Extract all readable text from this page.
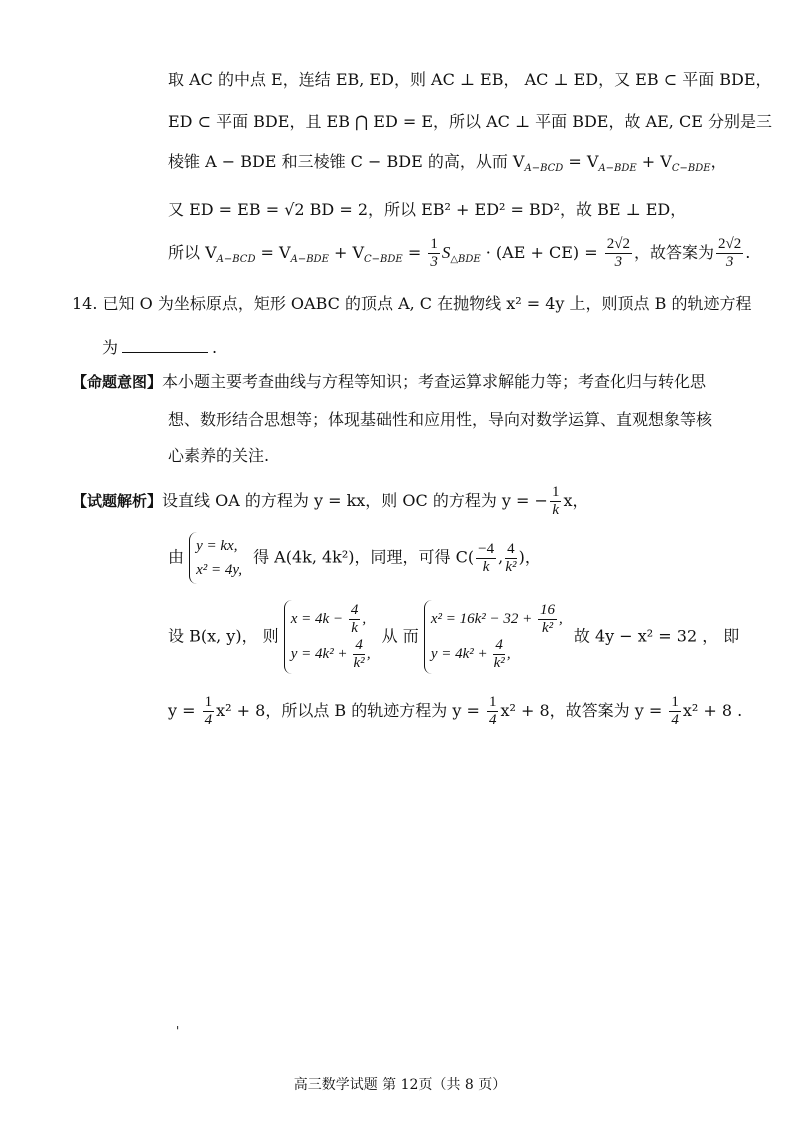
取 AC 的中点 E，连结 EB, ED，则 AC ⊥ EB， AC ⊥ ED，又 EB ⊂ 平面 BDE，
ED ⊂ 平面 BDE，且 EB ⋂ ED = E，所以 AC ⊥ 平面 BDE，故 AE, CE 分别是三
棱锥 A − BDE 和三棱锥 C − BDE 的高，从而 $V_{A-BCD} = V_{A-BDE} + V_{C-BDE}$，
又 ED = EB = √2 BD = 2，所以 EB² + ED² = BD²，故 BE ⊥ ED，
所以 $V_{A-BCD} = V_{A-BDE} + V_{C-BDE} = \frac{1}{3} S_{\triangle BDE} \cdot (AE + CE) = \frac{2√2}{3}$ ，故答案为 $\frac{2√2}{3}$ .
14. 已知 O 为坐标原点，矩形 OABC 的顶点 A, C 在抛物线 x² = 4y 上，则顶点 B 的轨迹方程
为	.
【命题意图】本小题主要考查曲线与方程等知识；考查运算求解能力等；考查化归与转化思
想、数形结合思想等；体现基础性和应用性，导向对数学运算、直观想象等核
心素养的关注.
【试题解析】设直线 OA 的方程为 y = kx，则 OC 的方程为 y = − $\frac{1}{k}$ x，
由
y = kx,
x² = 4y,
得 A(4k, 4k²)，同理，可得 $C( \frac{-4}{k}$ , $\frac{4}{\text{k²}}$ )，
设 B(x, y)， 则
$x = 4k - \frac{4}{k}$ ,
$y = 4k^2 + \frac{4}{\text{k²}}$ ,
从 而
$x^2 = 16k^2 - 32 + \frac{16}{\text{k²}}$ ,
$y = 4k^2 + \frac{4}{\text{k²}}$ ,
故 4y − x² = 32 ， 即
$y = \frac{1}{4} x^2 + 8$，所以点 B 的轨迹方程为 $y = \frac{1}{4} x^2 + 8$，故答案为 $y = \frac{1}{4} x^2 + 8$ .
'
高三数学试题 第 12页（共 8 页）
